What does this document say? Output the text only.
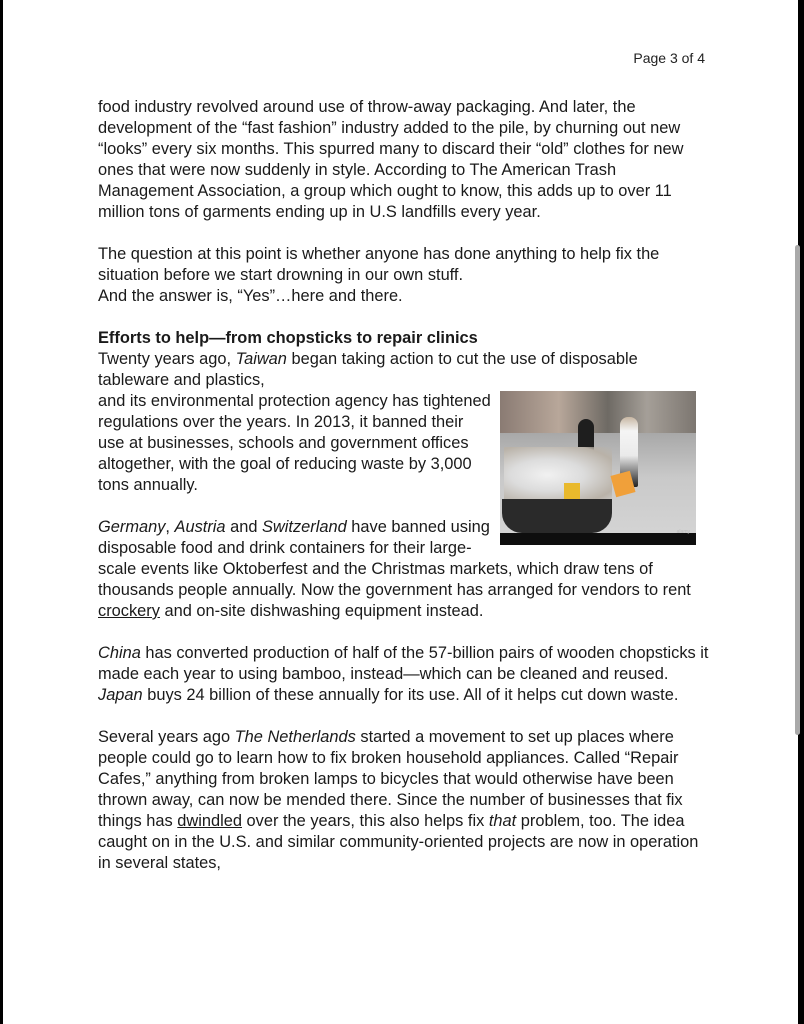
Page 3 of 4

food industry revolved around use of throw-away packaging. And later, the development of the “fast fashion” industry added to the pile, by churning out new “looks” every six months. This spurred many to discard their “old” clothes for new ones that were now suddenly in style. According to The American Trash Management Association, a group which ought to know, this adds up to over 11 million tons of garments ending up in U.S landfills every year.

The question at this point is whether anyone has done anything to help fix the situation before we start drowning in our own stuff.
And the answer is, “Yes”…here and there.

Efforts to help—from chopsticks to repair clinics

Twenty years ago, Taiwan began taking action to cut the use of disposable tableware and plastics,

alamy
and its environmental protection agency has tightened regulations over the years. In 2013, it banned their use at businesses, schools and government offices altogether, with the goal of reducing waste by 3,000 tons annually.

Germany, Austria and Switzerland have banned using disposable food and drink containers for their large-scale events like Oktoberfest and the Christmas markets, which draw tens of thousands people annually. Now the government has arranged for vendors to rent crockery and on-site dishwashing equipment instead.

China has converted production of half of the 57-billion pairs of wooden chopsticks it made each year to using bamboo, instead—which can be cleaned and reused. Japan buys 24 billion of these annually for its use. All of it helps cut down waste.

Several years ago The Netherlands started a movement to set up places where people could go to learn how to fix broken household appliances. Called “Repair Cafes,” anything from broken lamps to bicycles that would otherwise have been thrown away, can now be mended there. Since the number of businesses that fix things has dwindled over the years, this also helps fix that problem, too. The idea caught on in the U.S. and similar community-oriented projects are now in operation in several states,
